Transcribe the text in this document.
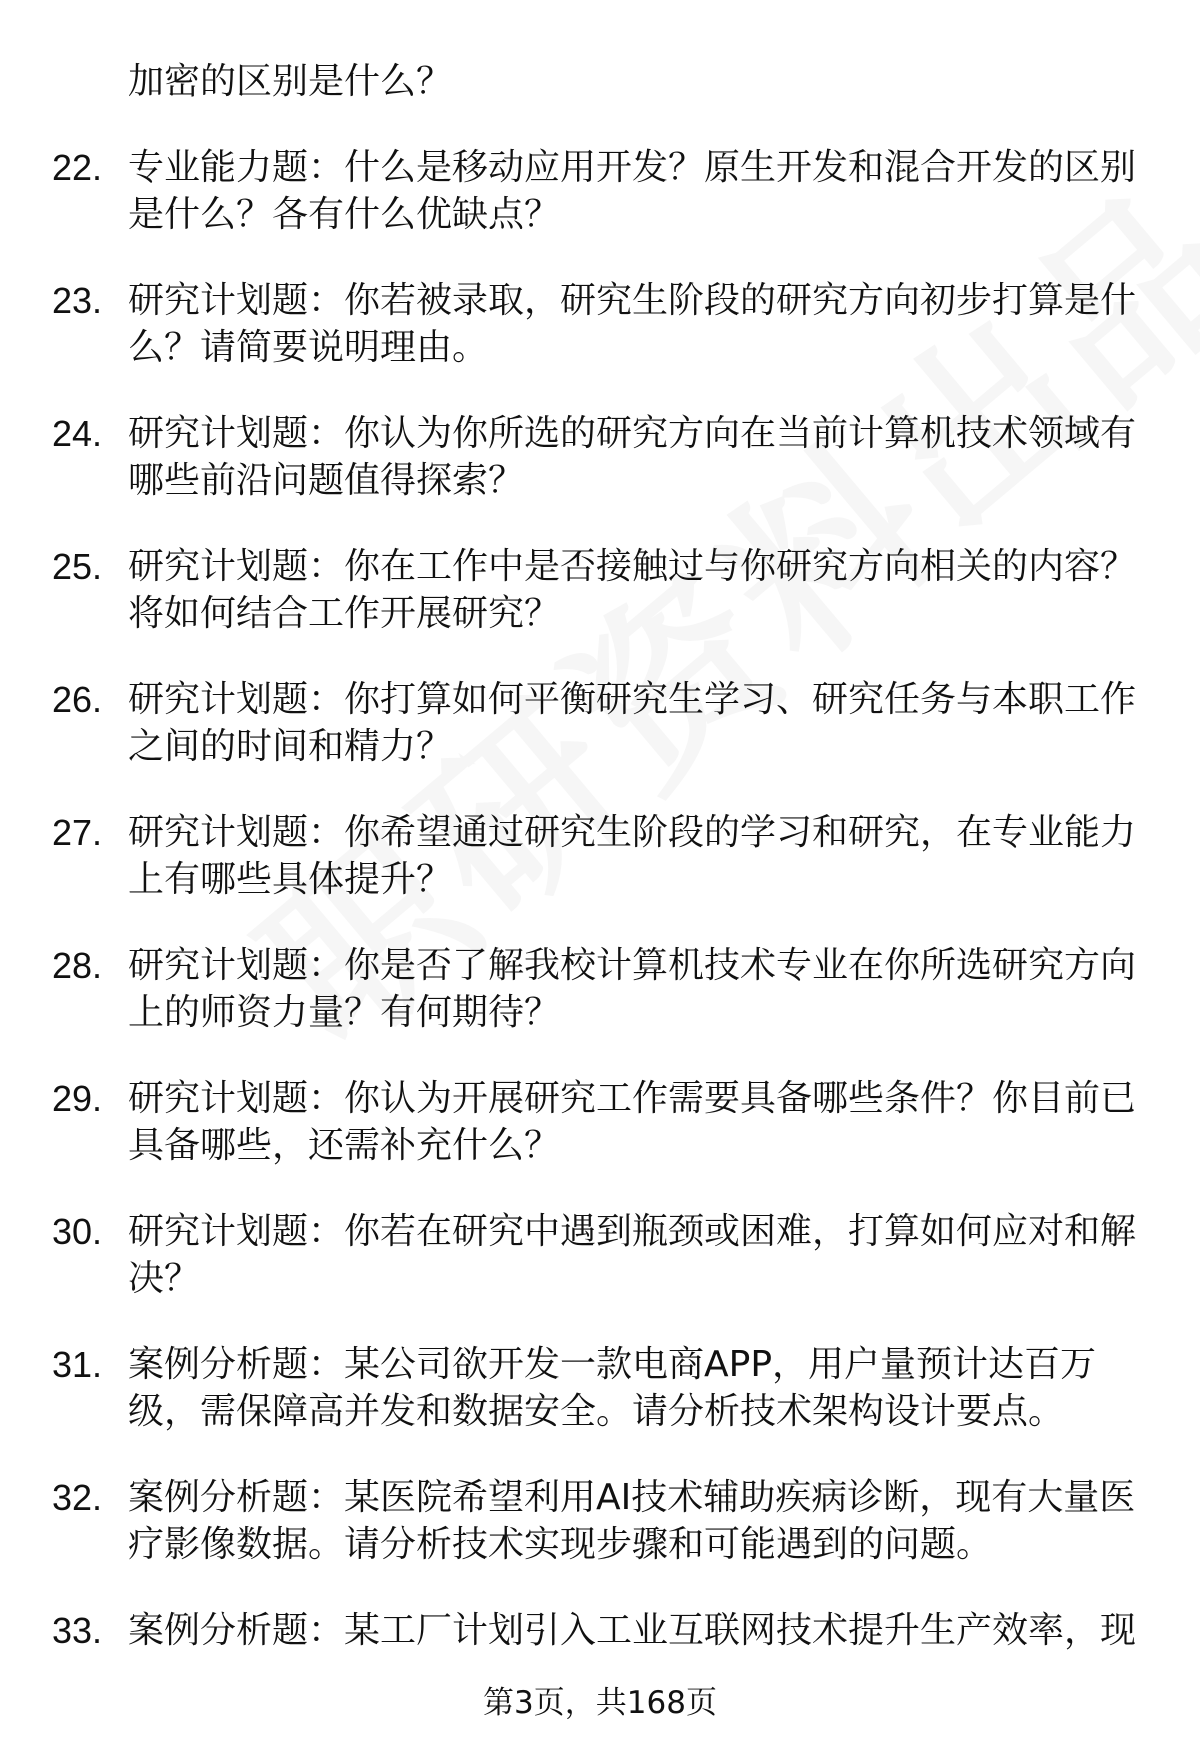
加密的区别是什么？
22. 专业能力题：什么是移动应用开发？原生开发和混合开发的区别是什么？各有什么优缺点？
23. 研究计划题：你若被录取，研究生阶段的研究方向初步打算是什么？请简要说明理由。
24. 研究计划题：你认为你所选的研究方向在当前计算机技术领域有哪些前沿问题值得探索？
25. 研究计划题：你在工作中是否接触过与你研究方向相关的内容？将如何结合工作开展研究？
26. 研究计划题：你打算如何平衡研究生学习、研究任务与本职工作之间的时间和精力？
27. 研究计划题：你希望通过研究生阶段的学习和研究，在专业能力上有哪些具体提升？
28. 研究计划题：你是否了解我校计算机技术专业在你所选研究方向上的师资力量？有何期待？
29. 研究计划题：你认为开展研究工作需要具备哪些条件？你目前已具备哪些，还需补充什么？
30. 研究计划题：你若在研究中遇到瓶颈或困难，打算如何应对和解决？
31. 案例分析题：某公司欲开发一款电商APP，用户量预计达百万级，需保障高并发和数据安全。请分析技术架构设计要点。
32. 案例分析题：某医院希望利用AI技术辅助疾病诊断，现有大量医疗影像数据。请分析技术实现步骤和可能遇到的问题。
33. 案例分析题：某工厂计划引入工业互联网技术提升生产效率，现
第3页，共168页
